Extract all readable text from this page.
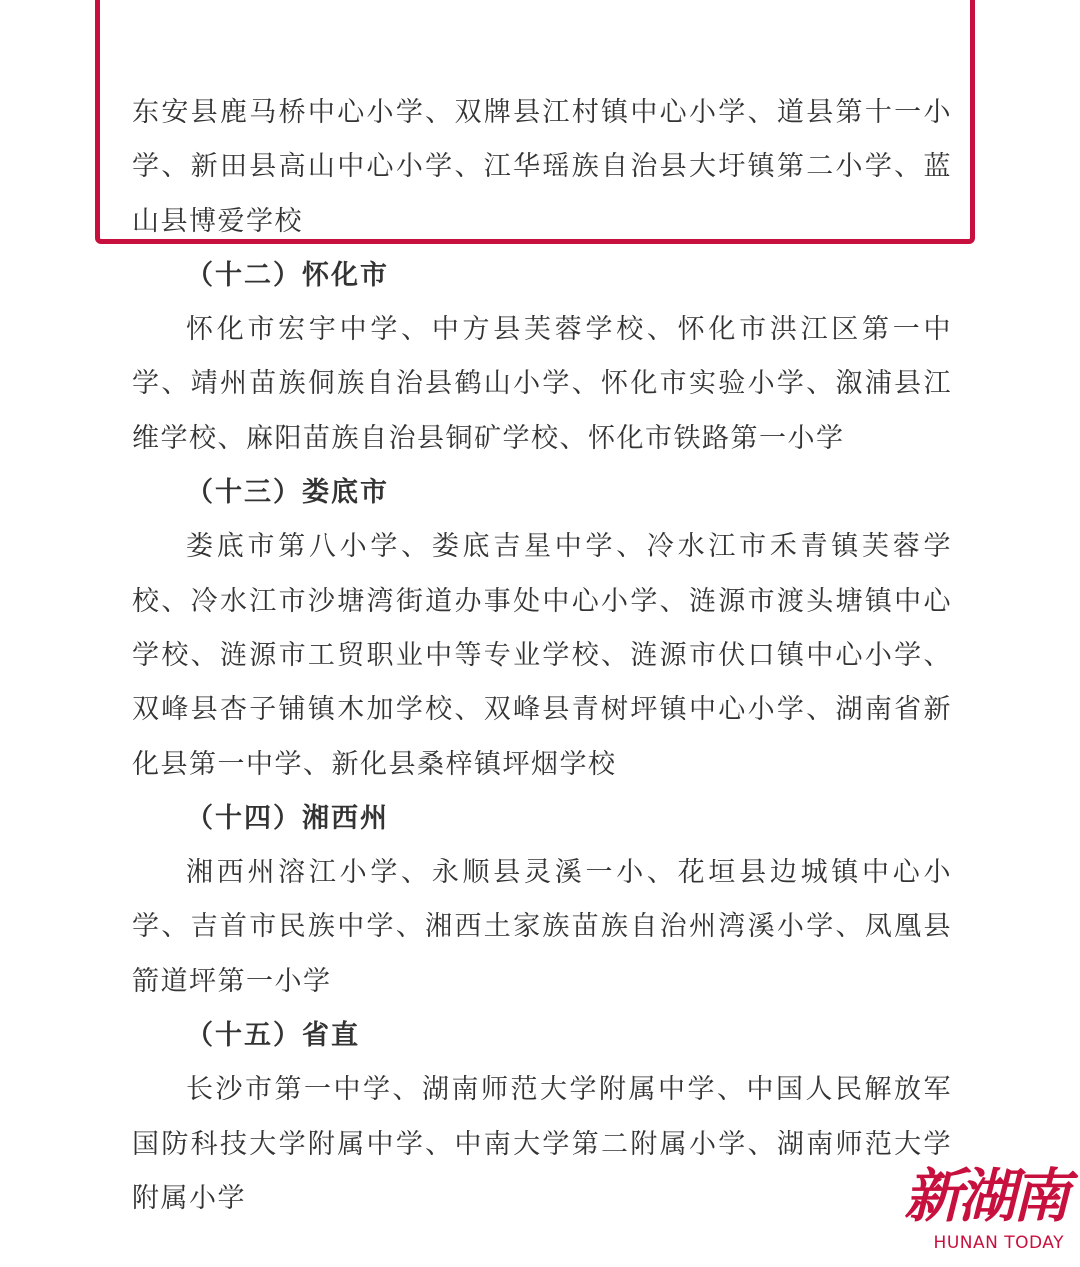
东安县鹿马桥中心小学、双牌县江村镇中心小学、道县第十一小学、新田县高山中心小学、江华瑶族自治县大圩镇第二小学、蓝山县博爱学校

（十二）怀化市

怀化市宏宇中学、中方县芙蓉学校、怀化市洪江区第一中学、靖州苗族侗族自治县鹤山小学、怀化市实验小学、溆浦县江维学校、麻阳苗族自治县铜矿学校、怀化市铁路第一小学

（十三）娄底市

娄底市第八小学、娄底吉星中学、冷水江市禾青镇芙蓉学校、冷水江市沙塘湾街道办事处中心小学、涟源市渡头塘镇中心学校、涟源市工贸职业中等专业学校、涟源市伏口镇中心小学、双峰县杏子铺镇木加学校、双峰县青树坪镇中心小学、湖南省新化县第一中学、新化县桑梓镇坪烟学校

（十四）湘西州

湘西州溶江小学、永顺县灵溪一小、花垣县边城镇中心小学、吉首市民族中学、湘西土家族苗族自治州湾溪小学、凤凰县箭道坪第一小学

（十五）省直

长沙市第一中学、湖南师范大学附属中学、中国人民解放军国防科技大学附属中学、中南大学第二附属小学、湖南师范大学附属小学	新湖南
HUNAN TODAY
